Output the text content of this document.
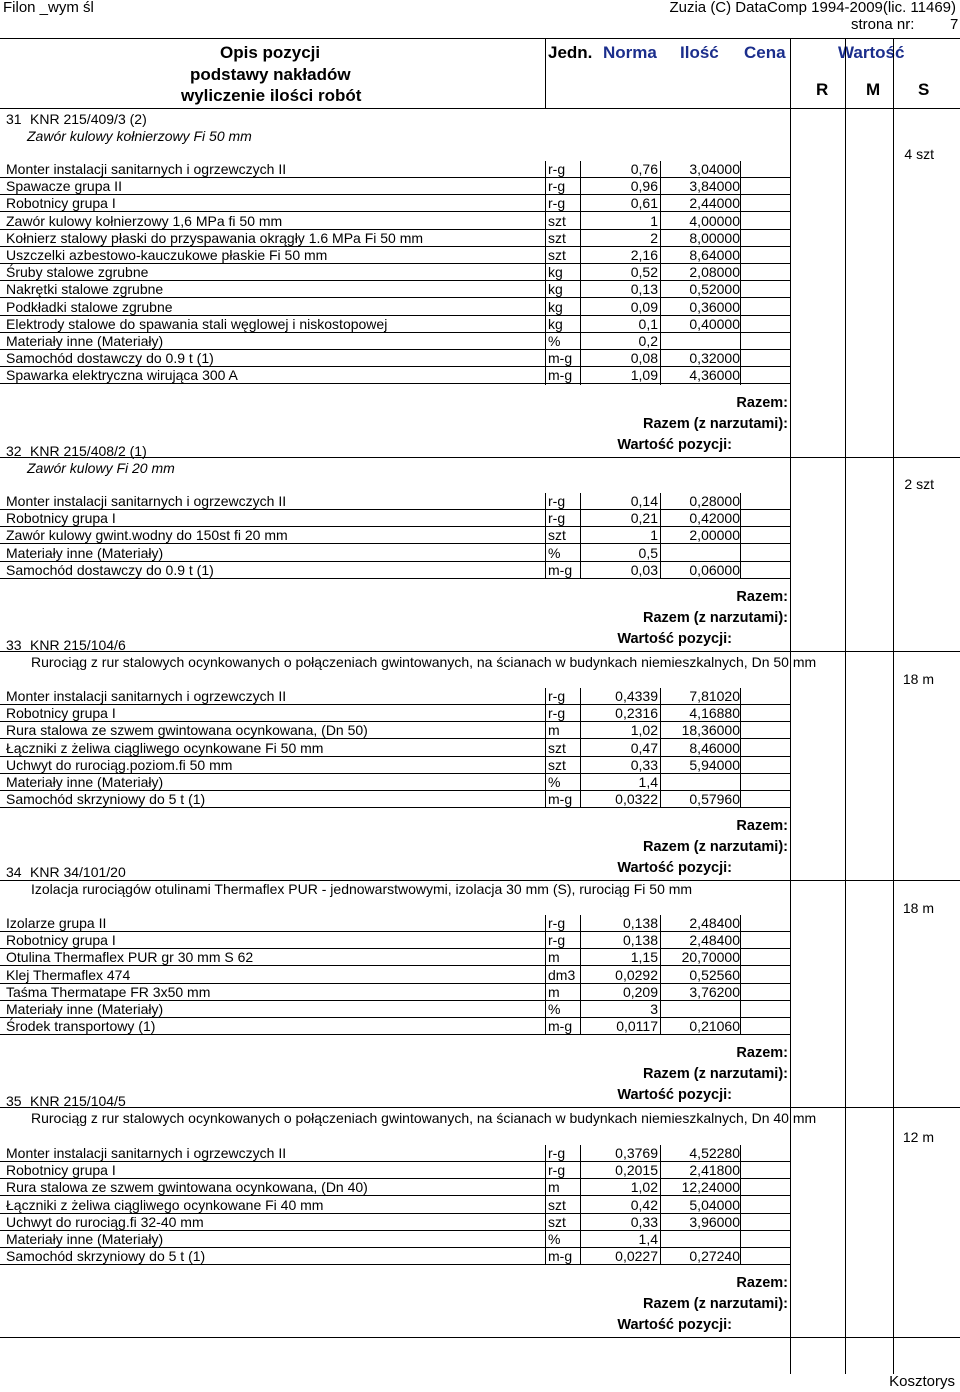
Filon _wym śl	Zuzia (C) DataComp 1994-2009(lic. 11469)
strona nr: 7
Opis pozycji
podstawy nakładów
wyliczenie ilości robót
Jedn. Norma Ilość Cena	Wartość
R M S
31 KNR 215/409/3 (2)
Zawór kulowy kołnierzowy Fi 50 mm
4 szt
Monter instalacji sanitarnych i ogrzewczych II	r-g	0,76	3,04000
Spawacze grupa II	r-g	0,96	3,84000
Robotnicy grupa I	r-g	0,61	2,44000
Zawór kulowy kołnierzowy 1,6 MPa fi 50 mm	szt	1	4,00000
Kołnierz stalowy płaski do przyspawania okrągły 1.6 MPa Fi 50 mm	szt	2	8,00000
Uszczelki azbestowo-kauczukowe płaskie Fi 50 mm	szt	2,16	8,64000
Śruby stalowe zgrubne	kg	0,52	2,08000
Nakrętki stalowe zgrubne	kg	0,13	0,52000
Podkładki stalowe zgrubne	kg	0,09	0,36000
Elektrody stalowe do spawania stali węglowej i niskostopowej	kg	0,1	0,40000
Materiały inne (Materiały)	%	0,2
Samochód dostawczy do 0.9 t (1)	m-g	0,08	0,32000
Spawarka elektryczna wirująca 300 A	m-g	1,09	4,36000
Razem:
Razem (z narzutami):
Wartość pozycji:
32 KNR 215/408/2 (1)
Zawór kulowy Fi 20 mm
2 szt
Monter instalacji sanitarnych i ogrzewczych II	r-g	0,14	0,28000
Robotnicy grupa I	r-g	0,21	0,42000
Zawór kulowy gwint.wodny do 150st fi 20 mm	szt	1	2,00000
Materiały inne (Materiały)	%	0,5
Samochód dostawczy do 0.9 t (1)	m-g	0,03	0,06000
Razem:
Razem (z narzutami):
Wartość pozycji:
33 KNR 215/104/6
Rurociąg z rur stalowych ocynkowanych o połączeniach gwintowanych, na ścianach w budynkach niemieszkalnych, Dn 50 mm
18 m
Monter instalacji sanitarnych i ogrzewczych II	r-g	0,4339	7,81020
Robotnicy grupa I	r-g	0,2316	4,16880
Rura stalowa ze szwem gwintowana ocynkowana, (Dn 50)	m	1,02	18,36000
Łączniki z żeliwa ciągliwego ocynkowane Fi 50 mm	szt	0,47	8,46000
Uchwyt do rurociąg.poziom.fi 50 mm	szt	0,33	5,94000
Materiały inne (Materiały)	%	1,4
Samochód skrzyniowy do 5 t (1)	m-g	0,0322	0,57960
Razem:
Razem (z narzutami):
Wartość pozycji:
34 KNR 34/101/20
Izolacja rurociągów otulinami Thermaflex PUR - jednowarstwowymi, izolacja 30 mm (S), rurociąg Fi 50 mm
18 m
Izolarze grupa II	r-g	0,138	2,48400
Robotnicy grupa I	r-g	0,138	2,48400
Otulina Thermaflex PUR gr 30 mm S 62	m	1,15	20,70000
Klej Thermaflex 474	dm3	0,0292	0,52560
Taśma Thermatape FR 3x50 mm	m	0,209	3,76200
Materiały inne (Materiały)	%	3
Środek transportowy (1)	m-g	0,0117	0,21060
Razem:
Razem (z narzutami):
Wartość pozycji:
35 KNR 215/104/5
Rurociąg z rur stalowych ocynkowanych o połączeniach gwintowanych, na ścianach w budynkach niemieszkalnych, Dn 40 mm
12 m
Monter instalacji sanitarnych i ogrzewczych II	r-g	0,3769	4,52280
Robotnicy grupa I	r-g	0,2015	2,41800
Rura stalowa ze szwem gwintowana ocynkowana, (Dn 40)	m	1,02	12,24000
Łączniki z żeliwa ciągliwego ocynkowane Fi 40 mm	szt	0,42	5,04000
Uchwyt do rurociąg.fi 32-40 mm	szt	0,33	3,96000
Materiały inne (Materiały)	%	1,4
Samochód skrzyniowy do 5 t (1)	m-g	0,0227	0,27240
Razem:
Razem (z narzutami):
Wartość pozycji:
Kosztorys
